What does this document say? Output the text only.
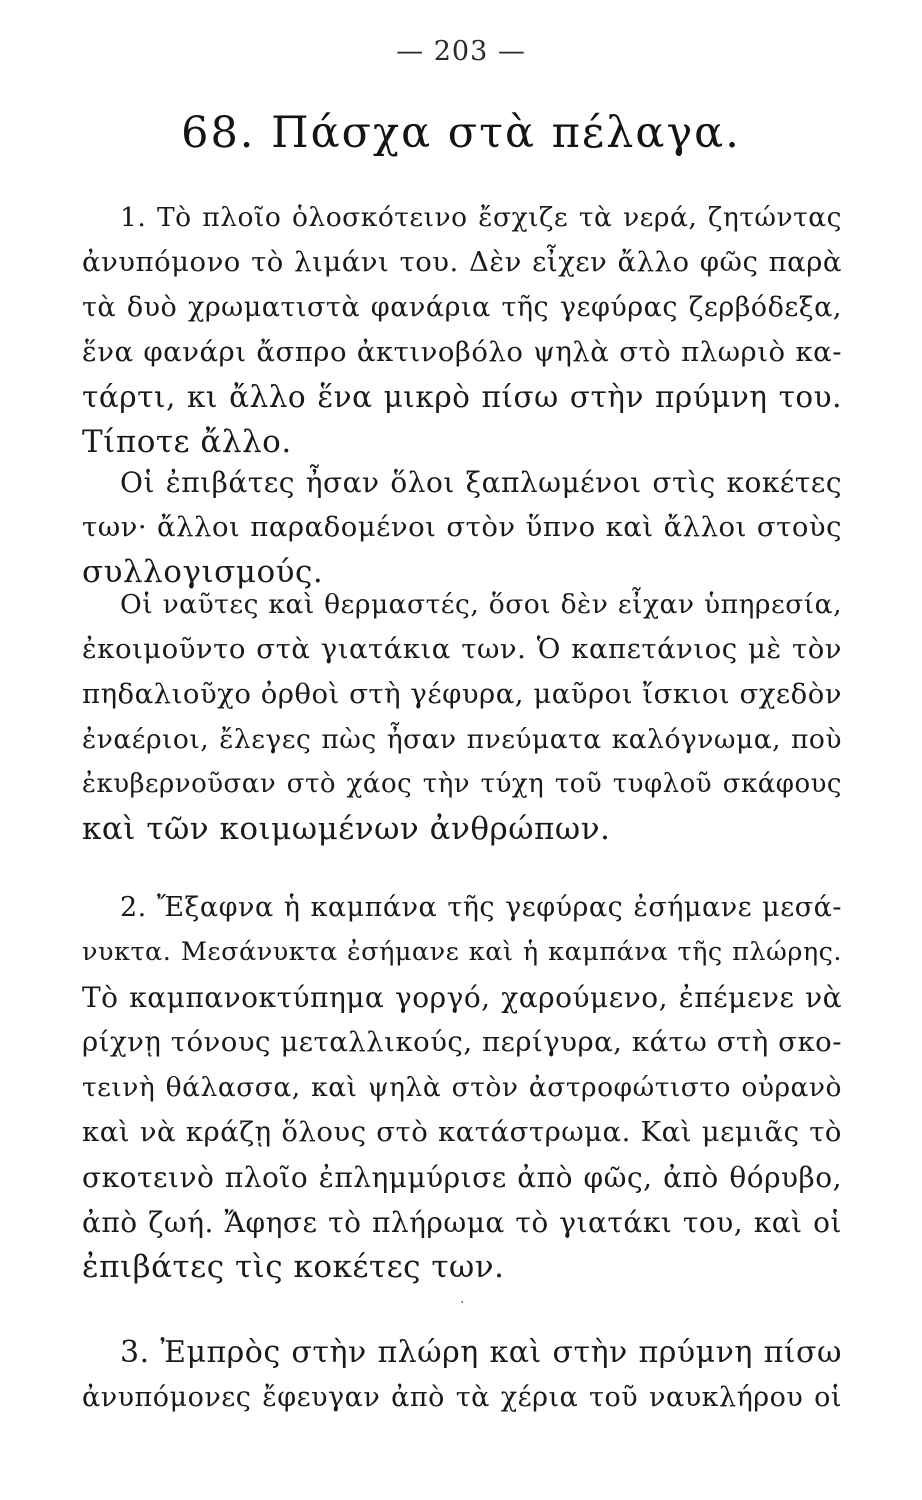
— 203 —
68. Πάσχα στὰ πέλαγα.
1. Τὸ πλοῖο ὁλοσκότεινο ἔσχιζε τὰ νερά, ζητώντας
ἀνυπόμονο τὸ λιμάνι του. Δὲν εἶχεν ἄλλο φῶς παρὰ
τὰ δυὸ χρωματιστὰ φανάρια τῆς γεφύρας ζερβόδεξα,
ἕνα φανάρι ἄσπρο ἀκτινοβόλο ψηλὰ στὸ πλωριὸ κα-
τάρτι, κι ἄλλο ἕνα μικρὸ πίσω στὴν πρύμνη του.
Τίποτε ἄλλο.
Οἱ ἐπιβάτες ἦσαν ὅλοι ξαπλωμένοι στὶς κοκέτες
των· ἄλλοι παραδομένοι στὸν ὕπνο καὶ ἄλλοι στοὺς
συλλογισμούς.
Οἱ ναῦτες καὶ θερμαστές, ὅσοι δὲν εἶχαν ὑπηρεσία,
ἐκοιμοῦντο στὰ γιατάκια των. Ὁ καπετάνιος μὲ τὸν
πηδαλιοῦχο ὀρθοὶ στὴ γέφυρα, μαῦροι ἴσκιοι σχεδὸν
ἐναέριοι, ἔλεγες πὼς ἦσαν πνεύματα καλόγνωμα, ποὺ
ἐκυβερνοῦσαν στὸ χάος τὴν τύχη τοῦ τυφλοῦ σκάφους
καὶ τῶν κοιμωμένων ἀνθρώπων.
2. Ἔξαφνα ἡ καμπάνα τῆς γεφύρας ἐσήμανε μεσά-
νυκτα. Μεσάνυκτα ἐσήμανε καὶ ἡ καμπάνα τῆς πλώρης.
Τὸ καμπανοκτύπημα γοργό, χαρούμενο, ἐπέμενε νὰ
ρίχνῃ τόνους μεταλλικούς, περίγυρα, κάτω στὴ σκο-
τεινὴ θάλασσα, καὶ ψηλὰ στὸν ἀστροφώτιστο οὐρανὸ
καὶ νὰ κράζῃ ὅλους στὸ κατάστρωμα. Καὶ μεμιᾶς τὸ
σκοτεινὸ πλοῖο ἐπλημμύρισε ἀπὸ φῶς, ἀπὸ θόρυβο,
ἀπὸ ζωή. Ἄφησε τὸ πλήρωμα τὸ γιατάκι του, καὶ οἱ
ἐπιβάτες τὶς κοκέτες των.
·
3. Ἐμπρὸς στὴν πλώρη καὶ στὴν πρύμνη πίσω
ἀνυπόμονες ἔφευγαν ἀπὸ τὰ χέρια τοῦ ναυκλήρου οἱ
